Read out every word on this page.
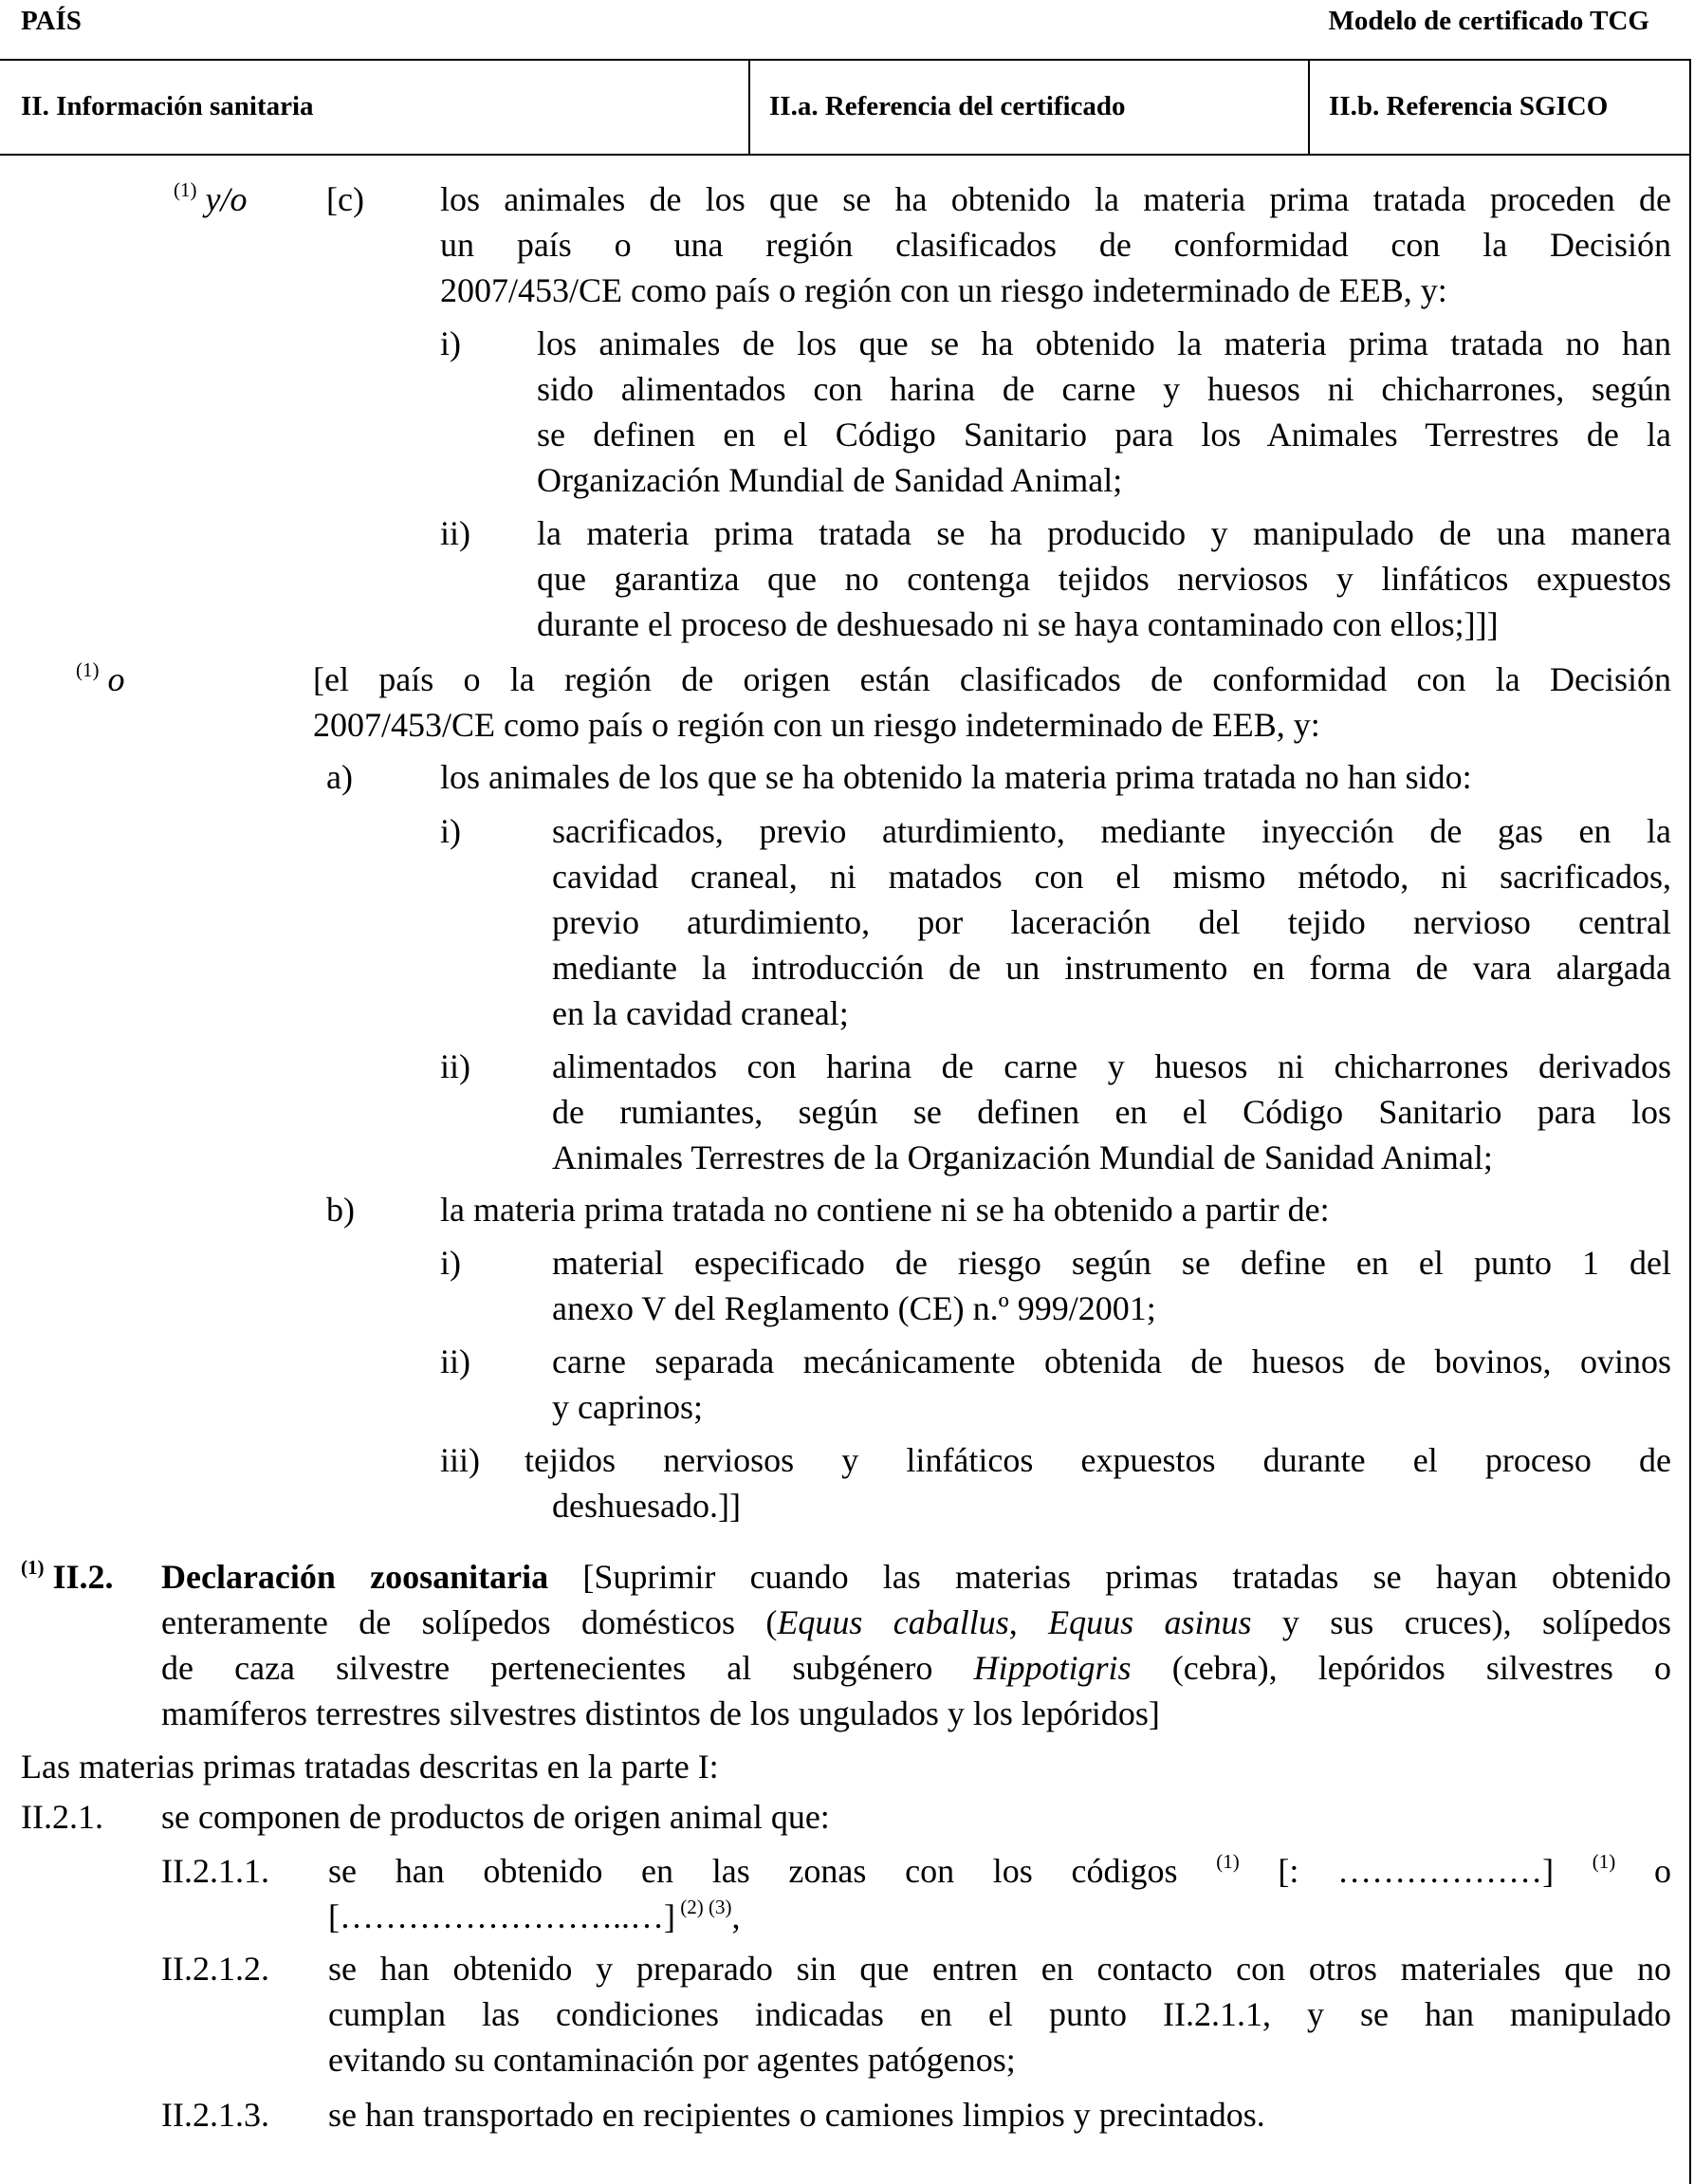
PAÍS	Modelo de certificado TCG
II. Información sanitaria	II.a. Referencia del certificado	II.b. Referencia SGICO
$^{(1)}$ y/o [c) los animales de los que se ha obtenido la materia prima tratada proceden de
un país o una región clasificados de conformidad con la Decisión
2007/453/CE como país o región con un riesgo indeterminado de EEB, y:
i) los animales de los que se ha obtenido la materia prima tratada no han
sido alimentados con harina de carne y huesos ni chicharrones, según
se definen en el Código Sanitario para los Animales Terrestres de la
Organización Mundial de Sanidad Animal;
ii) la materia prima tratada se ha producido y manipulado de una manera
que garantiza que no contenga tejidos nerviosos y linfáticos expuestos
durante el proceso de deshuesado ni se haya contaminado con ellos;]]]
$^{(1)}$ o	[el país o la región de origen están clasificados de conformidad con la Decisión
2007/453/CE como país o región con un riesgo indeterminado de EEB, y:
a)	los animales de los que se ha obtenido la materia prima tratada no han sido:
i)	sacrificados, previo aturdimiento, mediante inyección de gas en la
cavidad craneal, ni matados con el mismo método, ni sacrificados,
previo aturdimiento, por laceración del tejido nervioso central
mediante la introducción de un instrumento en forma de vara alargada
en la cavidad craneal;
ii) alimentados con harina de carne y huesos ni chicharrones derivados
de rumiantes, según se definen en el Código Sanitario para los
Animales Terrestres de la Organización Mundial de Sanidad Animal;
b)	la materia prima tratada no contiene ni se ha obtenido a partir de:
i)	material especificado de riesgo según se define en el punto 1 del
anexo V del Reglamento (CE) n.º 999/2001;
ii) carne separada mecánicamente obtenida de huesos de bovinos, ovinos
y caprinos;
iii) tejidos nerviosos y linfáticos expuestos durante el proceso de
deshuesado.]]
$^{(1)}$ II.2. Declaración zoosanitaria [Suprimir cuando las materias primas tratadas se hayan obtenido
enteramente de solípedos domésticos (Equus caballus, Equus asinus y sus cruces), solípedos
de caza silvestre pertenecientes al subgénero Hippotigris (cebra), lepóridos silvestres o
mamíferos terrestres silvestres distintos de los ungulados y los lepóridos]
Las materias primas tratadas descritas en la parte I:
II.2.1. se componen de productos de origen animal que:
II.2.1.1. se han obtenido en las zonas con los códigos $^{(1)}$ [: ………………] $^{(1)}$ o
[……………………..…] $^{(2) (3)}$,
II.2.1.2. se han obtenido y preparado sin que entren en contacto con otros materiales que no
cumplan las condiciones indicadas en el punto II.2.1.1, y se han manipulado
evitando su contaminación por agentes patógenos;
II.2.1.3. se han transportado en recipientes o camiones limpios y precintados.
